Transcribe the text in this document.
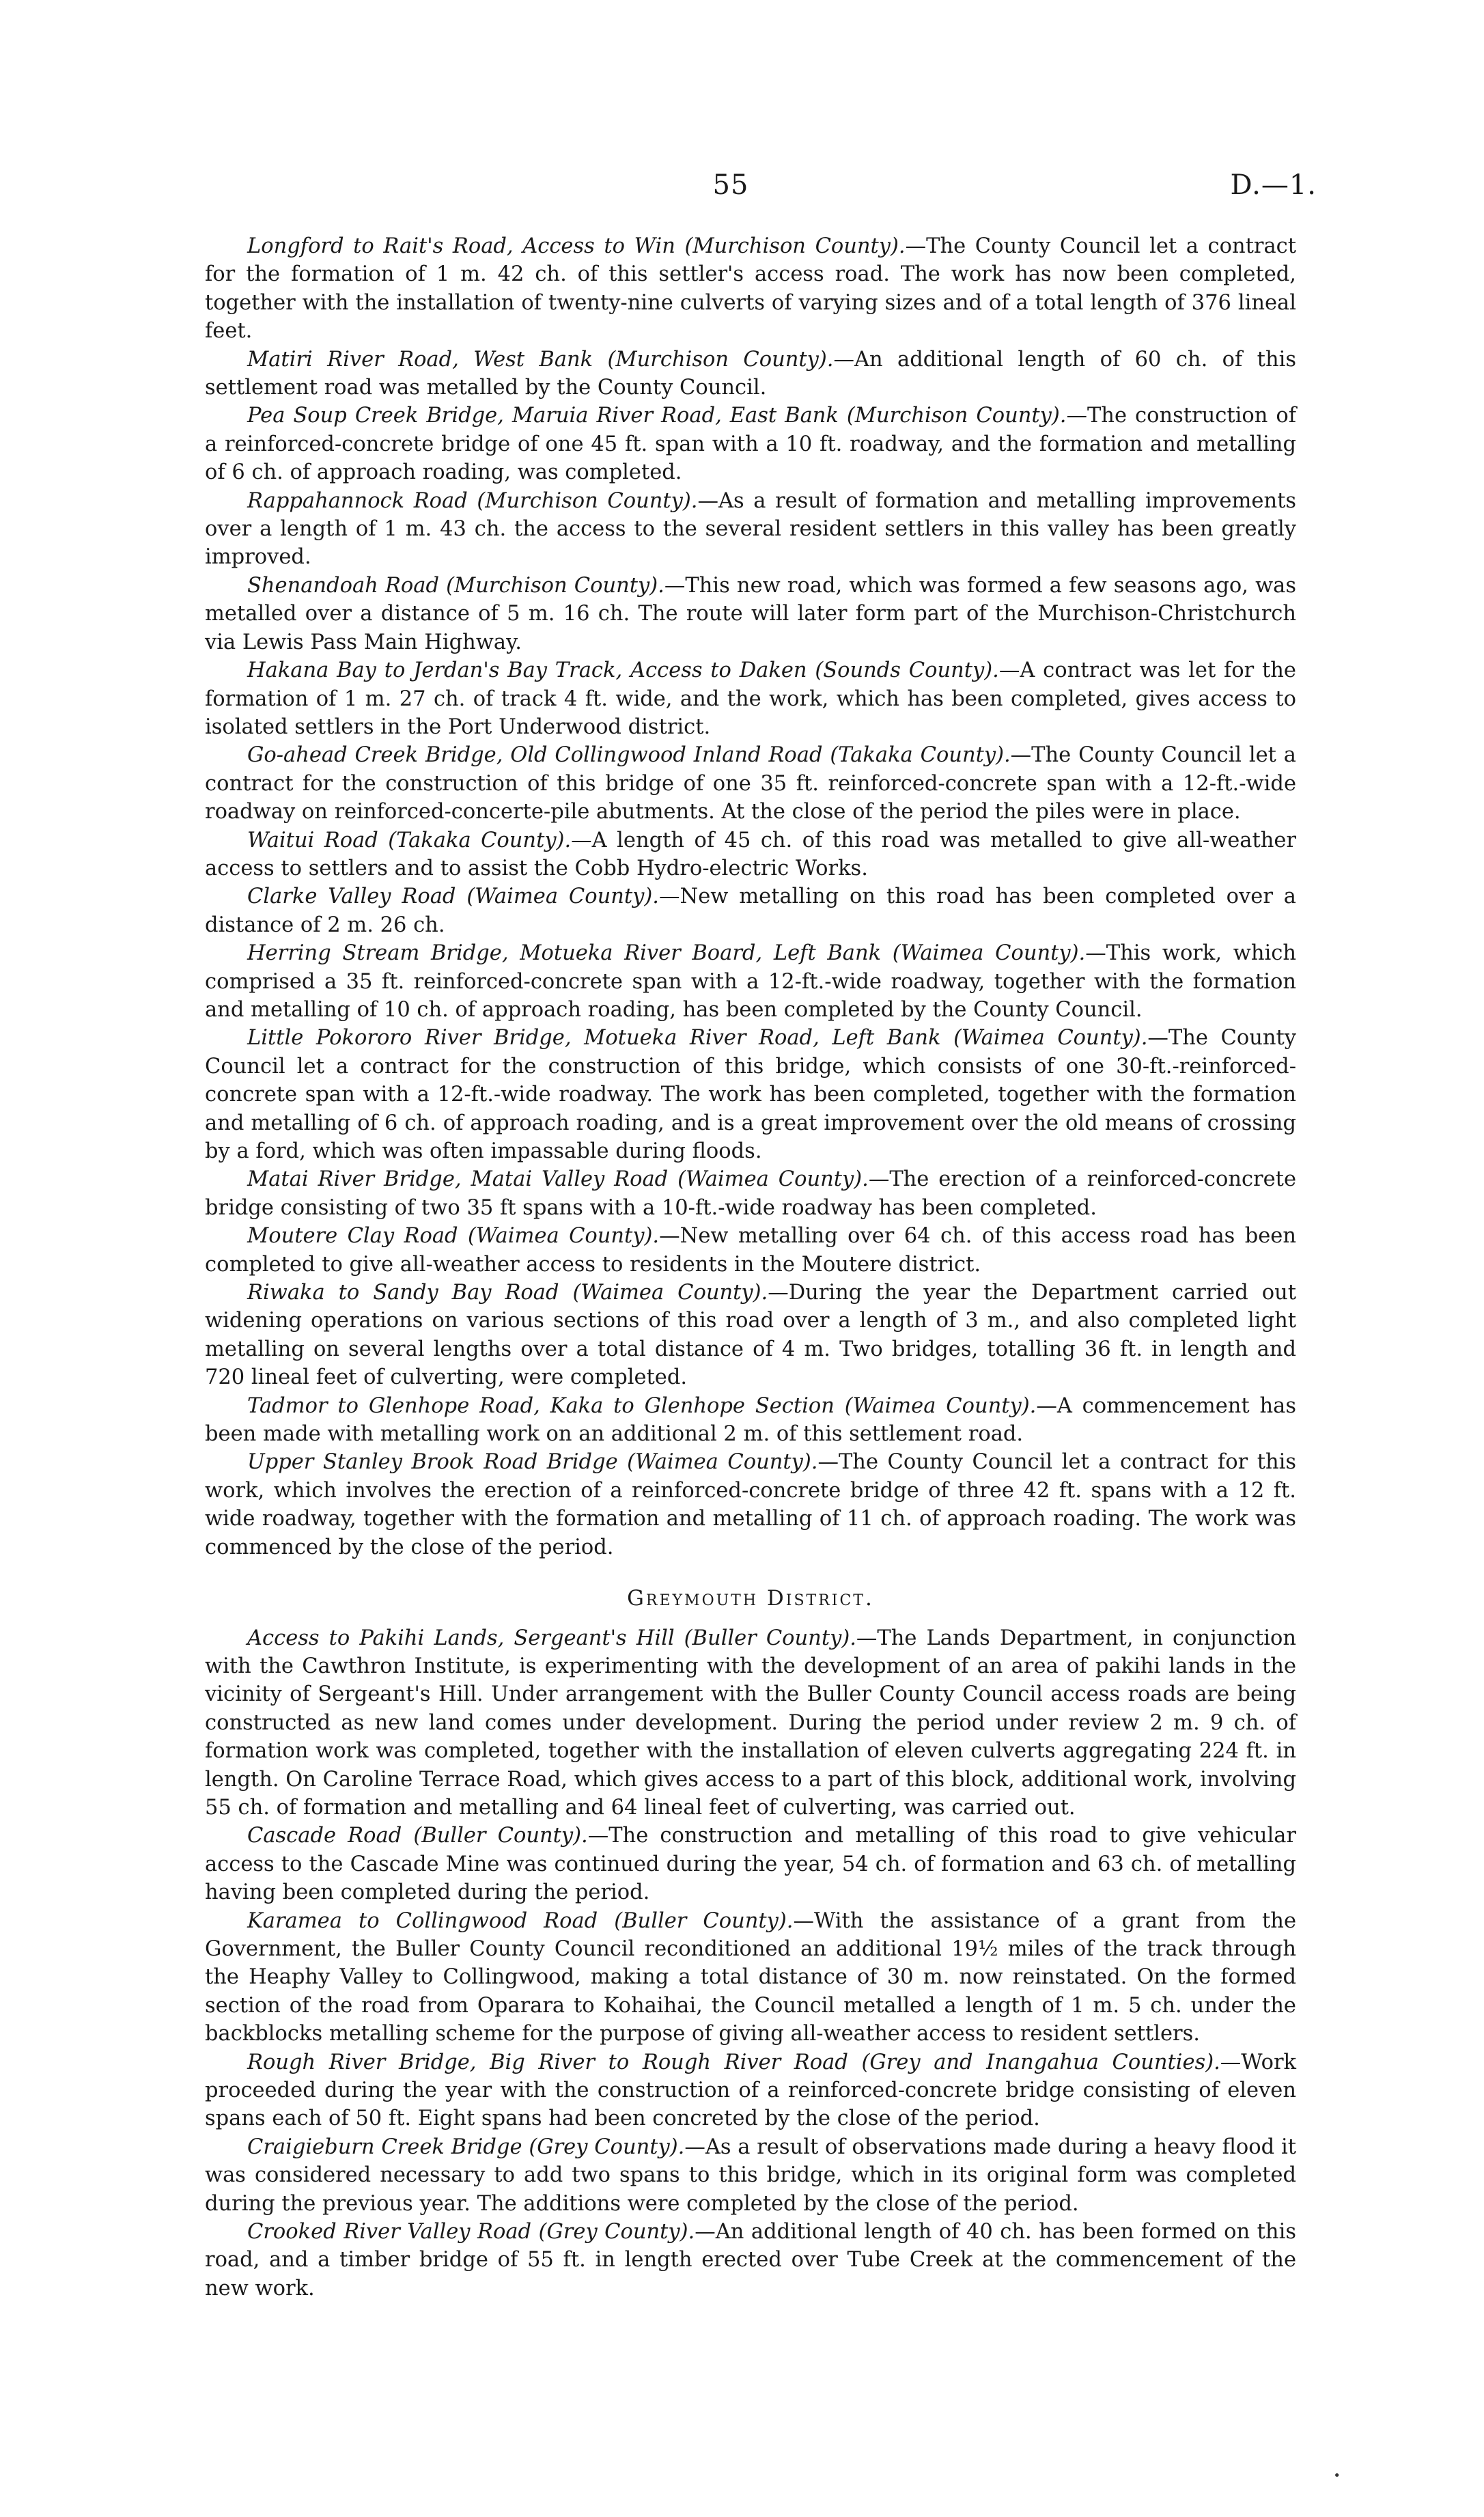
55	D.—1.

Longford to Rait's Road, Access to Win (Murchison County).—The County Council let a contract for the formation of 1 m. 42 ch. of this settler's access road. The work has now been completed, together with the installation of twenty-nine culverts of varying sizes and of a total length of 376 lineal feet.

Matiri River Road, West Bank (Murchison County).—An additional length of 60 ch. of this settlement road was metalled by the County Council.

Pea Soup Creek Bridge, Maruia River Road, East Bank (Murchison County).—The construction of a reinforced-concrete bridge of one 45 ft. span with a 10 ft. roadway, and the formation and metalling of 6 ch. of approach roading, was completed.

Rappahannock Road (Murchison County).—As a result of formation and metalling improvements over a length of 1 m. 43 ch. the access to the several resident settlers in this valley has been greatly improved.

Shenandoah Road (Murchison County).—This new road, which was formed a few seasons ago, was metalled over a distance of 5 m. 16 ch. The route will later form part of the Murchison-Christchurch via Lewis Pass Main Highway.

Hakana Bay to Jerdan's Bay Track, Access to Daken (Sounds County).—A contract was let for the formation of 1 m. 27 ch. of track 4 ft. wide, and the work, which has been completed, gives access to isolated settlers in the Port Underwood district.

Go-ahead Creek Bridge, Old Collingwood Inland Road (Takaka County).—The County Council let a contract for the construction of this bridge of one 35 ft. reinforced-concrete span with a 12-ft.-wide roadway on reinforced-concerte-pile abutments. At the close of the period the piles were in place.

Waitui Road (Takaka County).—A length of 45 ch. of this road was metalled to give all-weather access to settlers and to assist the Cobb Hydro-electric Works.

Clarke Valley Road (Waimea County).—New metalling on this road has been completed over a distance of 2 m. 26 ch.

Herring Stream Bridge, Motueka River Board, Left Bank (Waimea County).—This work, which comprised a 35 ft. reinforced-concrete span with a 12-ft.-wide roadway, together with the formation and metalling of 10 ch. of approach roading, has been completed by the County Council.

Little Pokororo River Bridge, Motueka River Road, Left Bank (Waimea County).—The County Council let a contract for the construction of this bridge, which consists of one 30-ft.-reinforced-concrete span with a 12-ft.-wide roadway. The work has been completed, together with the formation and metalling of 6 ch. of approach roading, and is a great improvement over the old means of crossing by a ford, which was often impassable during floods.

Matai River Bridge, Matai Valley Road (Waimea County).—The erection of a reinforced-concrete bridge consisting of two 35 ft spans with a 10-ft.-wide roadway has been completed.

Moutere Clay Road (Waimea County).—New metalling over 64 ch. of this access road has been completed to give all-weather access to residents in the Moutere district.

Riwaka to Sandy Bay Road (Waimea County).—During the year the Department carried out widening operations on various sections of this road over a length of 3 m., and also completed light metalling on several lengths over a total distance of 4 m. Two bridges, totalling 36 ft. in length and 720 lineal feet of culverting, were completed.

Tadmor to Glenhope Road, Kaka to Glenhope Section (Waimea County).—A commencement has been made with metalling work on an additional 2 m. of this settlement road.

Upper Stanley Brook Road Bridge (Waimea County).—The County Council let a contract for this work, which involves the erection of a reinforced-concrete bridge of three 42 ft. spans with a 12 ft. wide roadway, together with the formation and metalling of 11 ch. of approach roading. The work was commenced by the close of the period.

Greymouth District.

Access to Pakihi Lands, Sergeant's Hill (Buller County).—The Lands Department, in conjunction with the Cawthron Institute, is experimenting with the development of an area of pakihi lands in the vicinity of Sergeant's Hill. Under arrangement with the Buller County Council access roads are being constructed as new land comes under development. During the period under review 2 m. 9 ch. of formation work was completed, together with the installation of eleven culverts aggregating 224 ft. in length. On Caroline Terrace Road, which gives access to a part of this block, additional work, involving 55 ch. of formation and metalling and 64 lineal feet of culverting, was carried out.

Cascade Road (Buller County).—The construction and metalling of this road to give vehicular access to the Cascade Mine was continued during the year, 54 ch. of formation and 63 ch. of metalling having been completed during the period.

Karamea to Collingwood Road (Buller County).—With the assistance of a grant from the Government, the Buller County Council reconditioned an additional 19½ miles of the track through the Heaphy Valley to Collingwood, making a total distance of 30 m. now reinstated. On the formed section of the road from Oparara to Kohaihai, the Council metalled a length of 1 m. 5 ch. under the backblocks metalling scheme for the purpose of giving all-weather access to resident settlers.

Rough River Bridge, Big River to Rough River Road (Grey and Inangahua Counties).—Work proceeded during the year with the construction of a reinforced-concrete bridge consisting of eleven spans each of 50 ft. Eight spans had been concreted by the close of the period.

Craigieburn Creek Bridge (Grey County).—As a result of observations made during a heavy flood it was considered necessary to add two spans to this bridge, which in its original form was completed during the previous year. The additions were completed by the close of the period.

Crooked River Valley Road (Grey County).—An additional length of 40 ch. has been formed on this road, and a timber bridge of 55 ft. in length erected over Tube Creek at the commencement of the new work.

•
